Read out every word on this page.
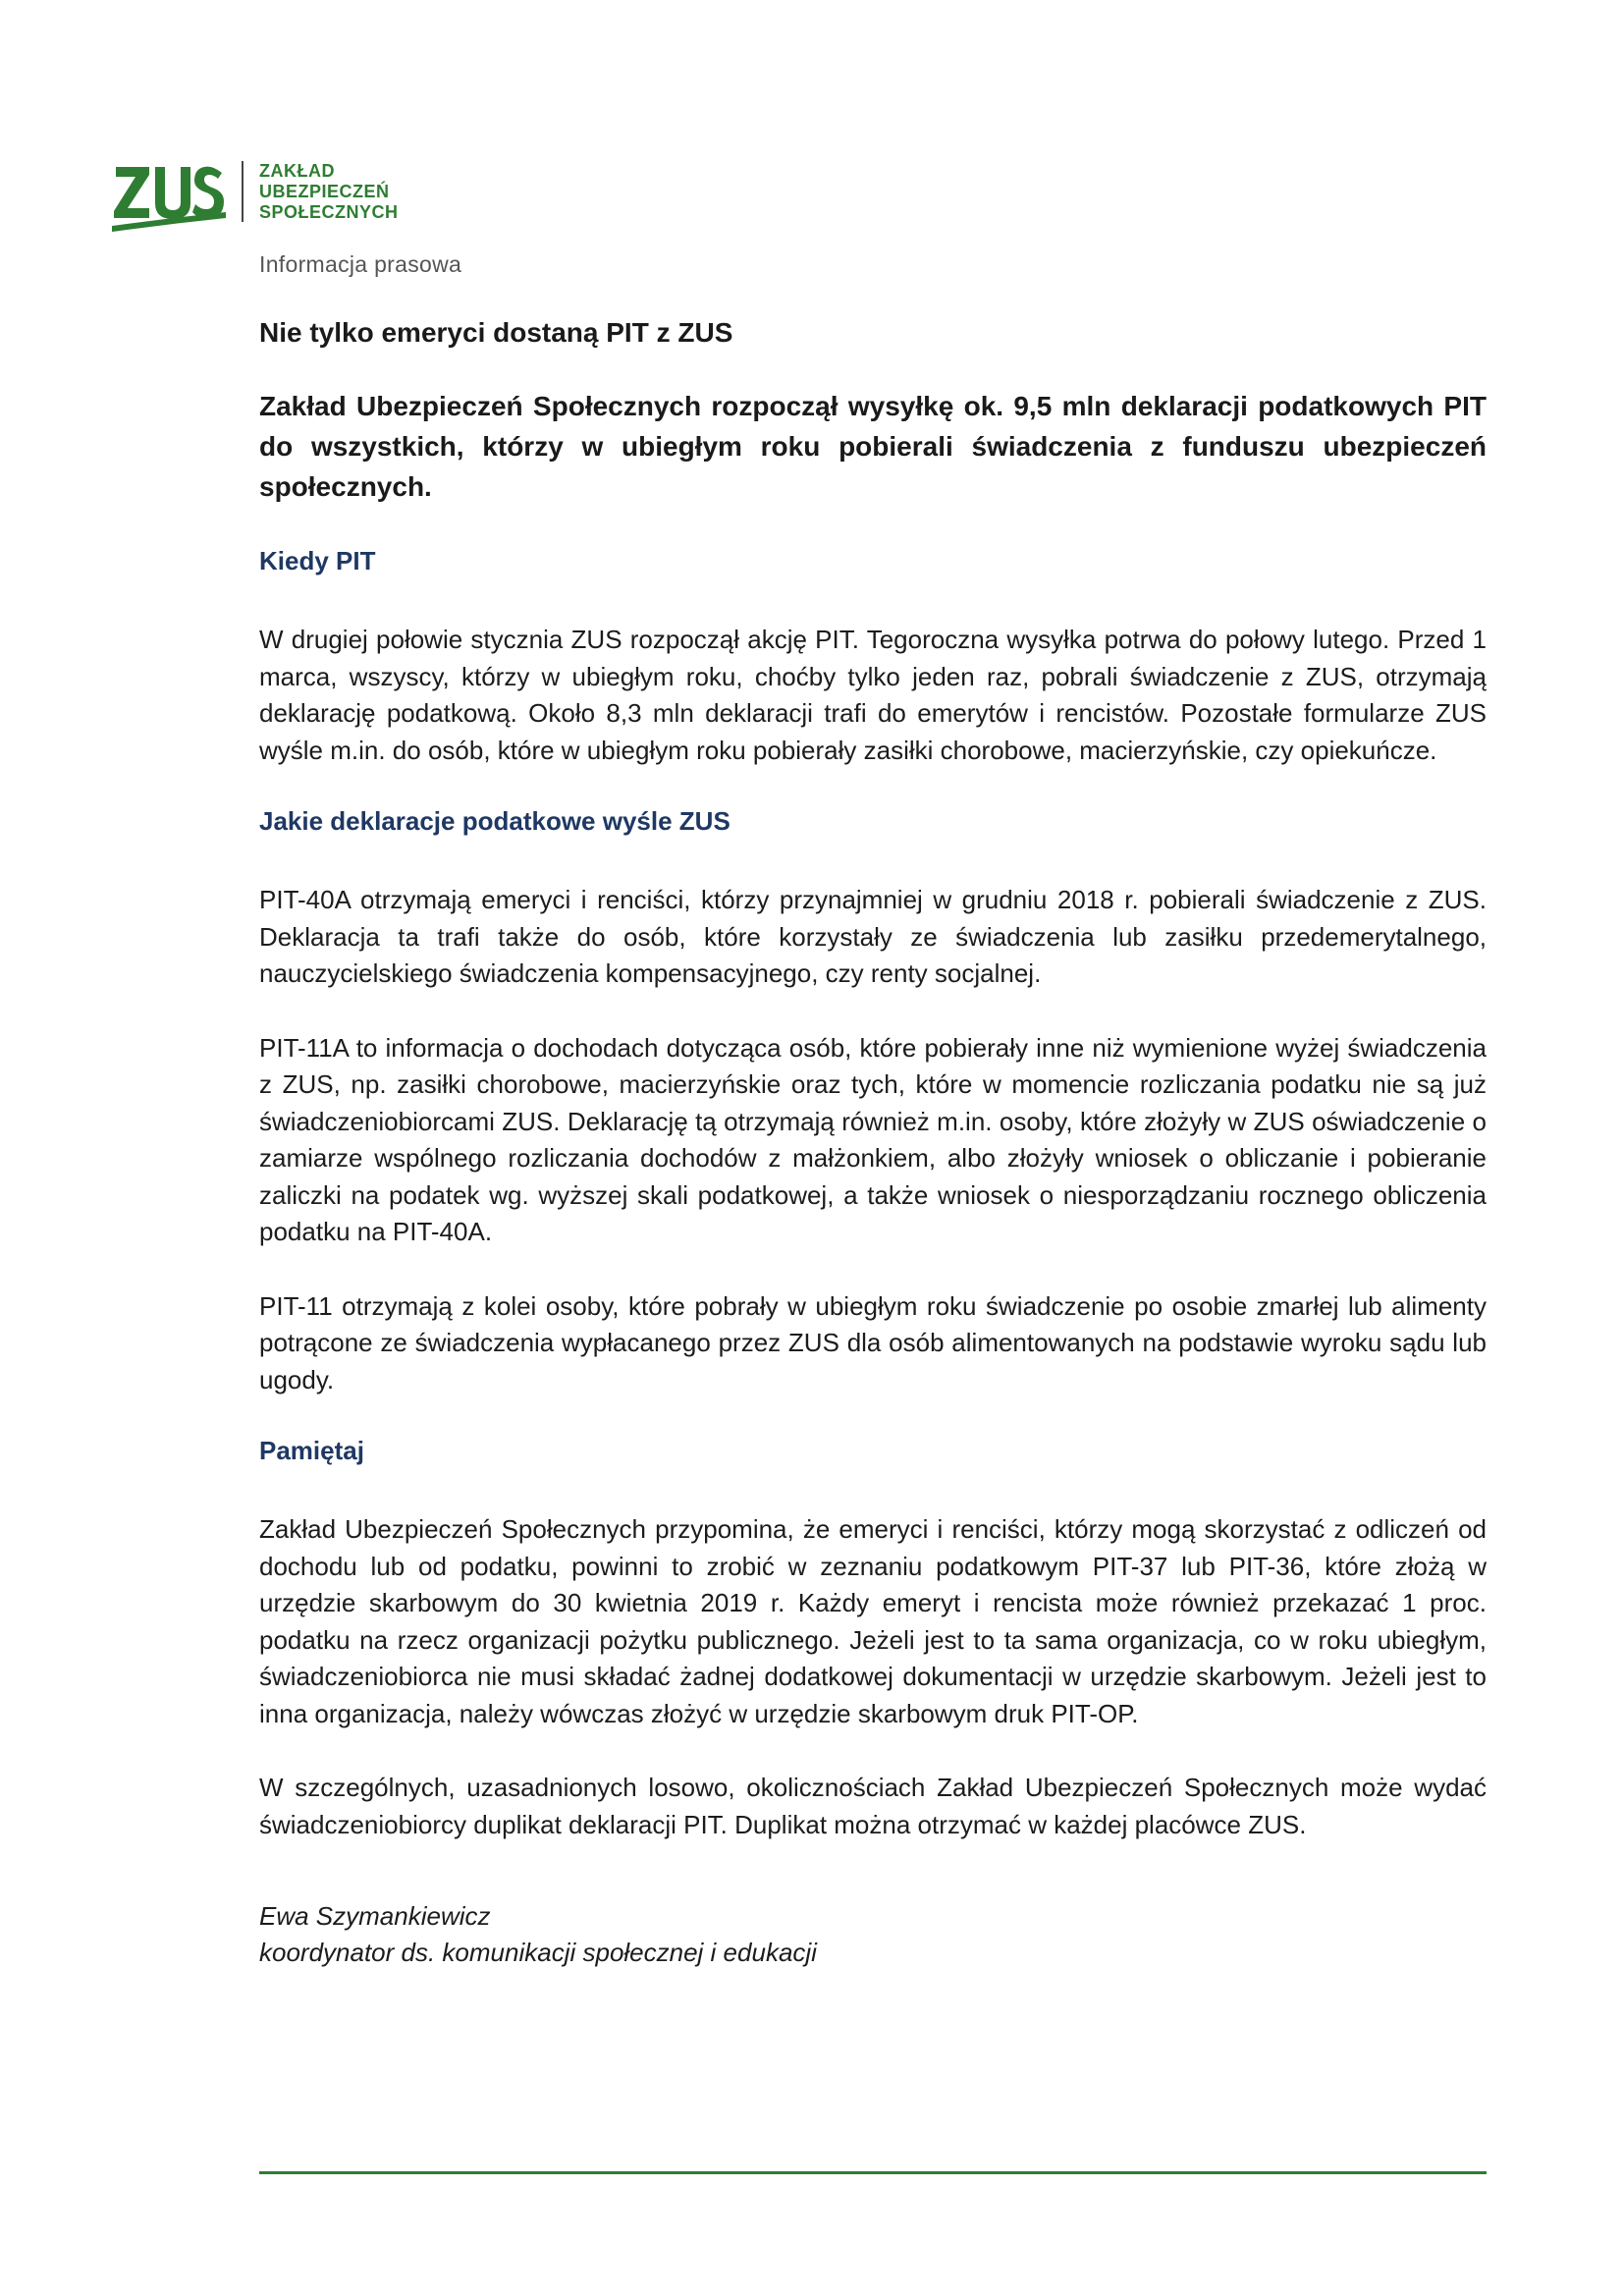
ZAKŁAD
UBEZPIECZEŃ
SPOŁECZNYCH

Informacja prasowa

Nie tylko emeryci dostaną PIT z ZUS

Zakład Ubezpieczeń Społecznych rozpoczął wysyłkę ok. 9,5 mln deklaracji podatkowych PIT do wszystkich, którzy w ubiegłym roku pobierali świadczenia z funduszu ubezpieczeń społecznych.

Kiedy PIT

W drugiej połowie stycznia ZUS rozpoczął akcję PIT. Tegoroczna wysyłka potrwa do połowy lutego. Przed 1 marca, wszyscy, którzy w ubiegłym roku, choćby tylko jeden raz, pobrali świadczenie z ZUS, otrzymają deklarację podatkową. Około 8,3 mln deklaracji trafi do emerytów i rencistów. Pozostałe formularze ZUS wyśle m.in. do osób, które w ubiegłym roku pobierały zasiłki chorobowe, macierzyńskie, czy opiekuńcze.

Jakie deklaracje podatkowe wyśle ZUS

PIT-40A otrzymają emeryci i renciści, którzy przynajmniej w grudniu 2018 r. pobierali świadczenie z ZUS. Deklaracja ta trafi także do osób, które korzystały ze świadczenia lub zasiłku przedemerytalnego, nauczycielskiego świadczenia kompensacyjnego, czy renty socjalnej.

PIT-11A to informacja o dochodach dotycząca osób, które pobierały inne niż wymienione wyżej świadczenia z ZUS, np. zasiłki chorobowe, macierzyńskie oraz tych, które w momencie rozliczania podatku nie są już świadczeniobiorcami ZUS. Deklarację tą otrzymają również m.in. osoby, które złożyły w ZUS oświadczenie o zamiarze wspólnego rozliczania dochodów z małżonkiem, albo złożyły wniosek o obliczanie i pobieranie zaliczki na podatek wg. wyższej skali podatkowej, a także wniosek o niesporządzaniu rocznego obliczenia podatku na PIT-40A.

PIT-11 otrzymają z kolei osoby, które pobrały w ubiegłym roku świadczenie po osobie zmarłej lub alimenty potrącone ze świadczenia wypłacanego przez ZUS dla osób alimentowanych na podstawie wyroku sądu lub ugody.

Pamiętaj

Zakład Ubezpieczeń Społecznych przypomina, że emeryci i renciści, którzy mogą skorzystać z odliczeń od dochodu lub od podatku, powinni to zrobić w zeznaniu podatkowym PIT-37 lub PIT-36, które złożą w urzędzie skarbowym do 30 kwietnia 2019 r. Każdy emeryt i rencista może również przekazać 1 proc. podatku na rzecz organizacji pożytku publicznego. Jeżeli jest to ta sama organizacja, co w roku ubiegłym, świadczeniobiorca nie musi składać żadnej dodatkowej dokumentacji w urzędzie skarbowym. Jeżeli jest to inna organizacja, należy wówczas złożyć w urzędzie skarbowym druk PIT-OP.

W szczególnych, uzasadnionych losowo, okolicznościach Zakład Ubezpieczeń Społecznych może wydać świadczeniobiorcy duplikat deklaracji PIT. Duplikat można otrzymać w każdej placówce ZUS.

Ewa Szymankiewicz
koordynator ds. komunikacji społecznej i edukacji
